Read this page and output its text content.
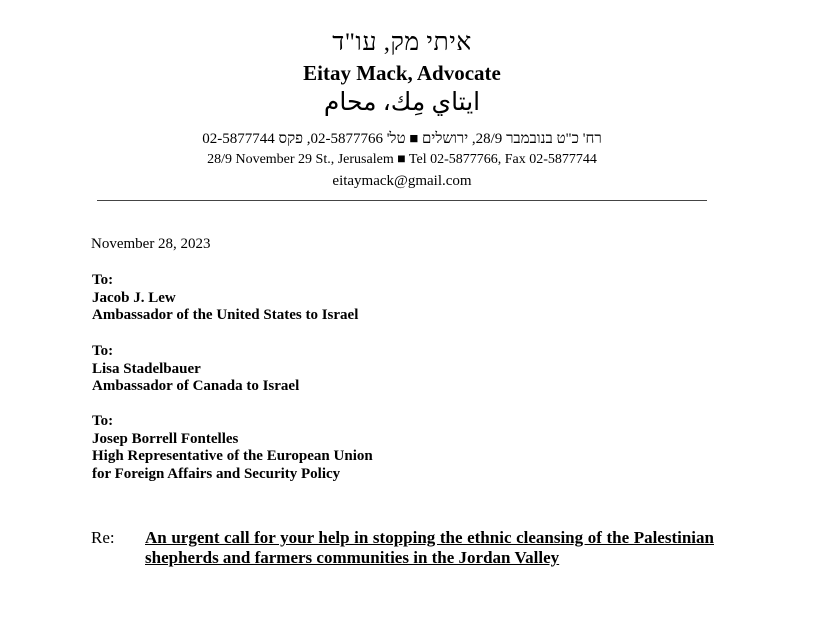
איתי מק, עו"ד
Eitay Mack, Advocate
ايتاي مِك، محام
רח' כ"ט בנובמבר 28/9, ירושלים ■ טל' 02-5877766, פקס 02-5877744
28/9 November 29 St., Jerusalem ■ Tel 02-5877766, Fax 02-5877744
eitaymack@gmail.com
November 28, 2023
To:
Jacob J. Lew
Ambassador of the United States to Israel
To:
Lisa Stadelbauer
Ambassador of Canada to Israel
To:
Josep Borrell Fontelles
High Representative of the European Union
for Foreign Affairs and Security Policy
Re: An urgent call for your help in stopping the ethnic cleansing of the Palestinian shepherds and farmers communities in the Jordan Valley
